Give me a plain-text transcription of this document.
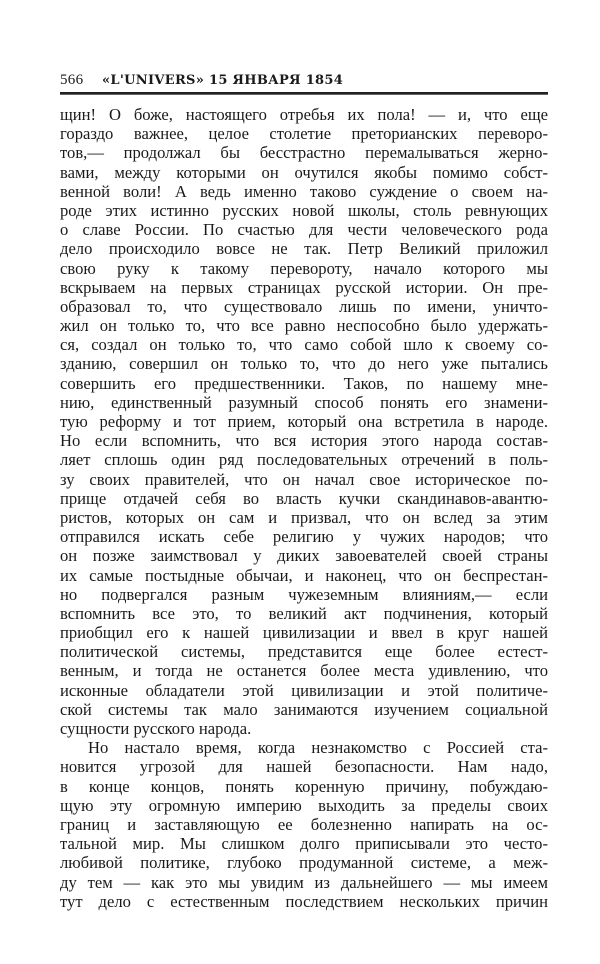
566 «L'UNIVERS» 15 ЯНВАРЯ 1854
щин! О боже, настоящего отребья их пола! — и, что еще
гораздо важнее, целое столетие преторианских переворо-
тов,— продолжал бы бесстрастно перемалываться жерно-
вами, между которыми он очутился якобы помимо собст-
венной воли! А ведь именно таково суждение о своем на-
роде этих истинно русских новой школы, столь ревнующих
о славе России. По счастью для чести человеческого рода
дело происходило вовсе не так. Петр Великий приложил
свою руку к такому перевороту, начало которого мы
вскрываем на первых страницах русской истории. Он пре-
образовал то, что существовало лишь по имени, уничто-
жил он только то, что все равно неспособно было удержать-
ся, создал он только то, что само собой шло к своему со-
зданию, совершил он только то, что до него уже пытались
совершить его предшественники. Таков, по нашему мне-
нию, единственный разумный способ понять его знамени-
тую реформу и тот прием, который она встретила в народе.
Но если вспомнить, что вся история этого народа состав-
ляет сплошь один ряд последовательных отречений в поль-
зу своих правителей, что он начал свое историческое по-
прище отдачей себя во власть кучки скандинавов-авантю-
ристов, которых он сам и призвал, что он вслед за этим
отправился искать себе религию у чужих народов; что
он позже заимствовал у диких завоевателей своей страны
их самые постыдные обычаи, и наконец, что он беспрестан-
но подвергался разным чужеземным влияниям,— если
вспомнить все это, то великий акт подчинения, который
приобщил его к нашей цивилизации и ввел в круг нашей
политической системы, представится еще более естест-
венным, и тогда не останется более места удивлению, что
исконные обладатели этой цивилизации и этой политиче-
ской системы так мало занимаются изучением социальной
сущности русского народа.
Но настало время, когда незнакомство с Россией ста-
новится угрозой для нашей безопасности. Нам надо,
в конце концов, понять коренную причину, побуждаю-
щую эту огромную империю выходить за пределы своих
границ и заставляющую ее болезненно напирать на ос-
тальной мир. Мы слишком долго приписывали это често-
любивой политике, глубоко продуманной системе, а меж-
ду тем — как это мы увидим из дальнейшего — мы имеем
тут дело с естественным последствием нескольких причин
